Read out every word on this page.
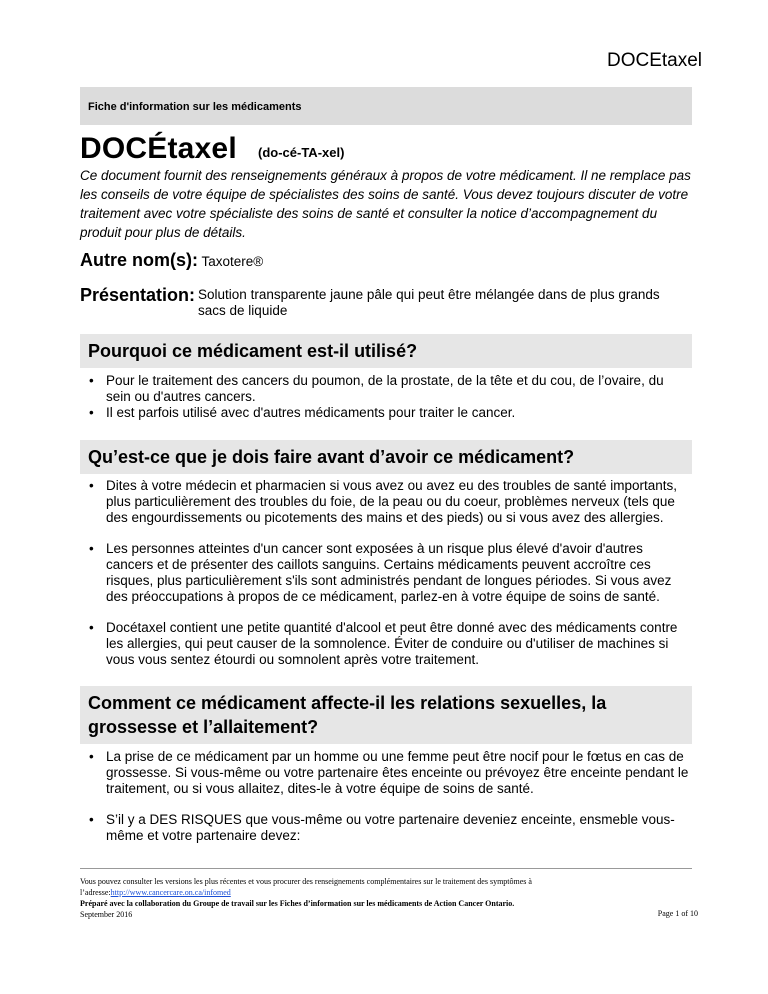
DOCEtaxel
Fiche d'information sur les médicaments
DOCÉtaxel (do-cé-TA-xel)

Ce document fournit des renseignements généraux à propos de votre médicament. Il ne remplace pas les conseils de votre équipe de spécialistes des soins de santé. Vous devez toujours discuter de votre traitement avec votre spécialiste des soins de santé et consulter la notice d’accompagnement du produit pour plus de détails.

Autre nom(s): Taxotere®
Présentation: Solution transparente jaune pâle qui peut être mélangée dans de plus grands sacs de liquide
Pourquoi ce médicament est-il utilisé?
• Pour le traitement des cancers du poumon, de la prostate, de la tête et du cou, de l’ovaire, du sein ou d'autres cancers.
• Il est parfois utilisé avec d'autres médicaments pour traiter le cancer.
Qu’est-ce que je dois faire avant d’avoir ce médicament?
• Dites à votre médecin et pharmacien si vous avez ou avez eu des troubles de santé importants, plus particulièrement des troubles du foie, de la peau ou du coeur, problèmes nerveux (tels que des engourdissements ou picotements des mains et des pieds) ou si vous avez des allergies.
• Les personnes atteintes d'un cancer sont exposées à un risque plus élevé d'avoir d'autres cancers et de présenter des caillots sanguins. Certains médicaments peuvent accroître ces risques, plus particulièrement s'ils sont administrés pendant de longues périodes. Si vous avez des préoccupations à propos de ce médicament, parlez-en à votre équipe de soins de santé.
• Docétaxel contient une petite quantité d'alcool et peut être donné avec des médicaments contre les allergies, qui peut causer de la somnolence. Éviter de conduire ou d'utiliser de machines si vous vous sentez étourdi ou somnolent après votre traitement.
Comment ce médicament affecte-il les relations sexuelles, la grossesse et l’allaitement?
• La prise de ce médicament par un homme ou une femme peut être nocif pour le fœtus en cas de grossesse. Si vous-même ou votre partenaire êtes enceinte ou prévoyez être enceinte pendant le traitement, ou si vous allaitez, dites-le à votre équipe de soins de santé.
• S’il y a DES RISQUES que vous-même ou votre partenaire deveniez enceinte, ensmeble vous-même et votre partenaire devez:
Vous pouvez consulter les versions les plus récentes et vous procurer des renseignements complémentaires sur le traitement des symptômes à
l’adresse:http://www.cancercare.on.ca/infomed
Préparé avec la collaboration du Groupe de travail sur les Fiches d’information sur les médicaments de Action Cancer Ontario.
September 2016	Page 1 of 10
